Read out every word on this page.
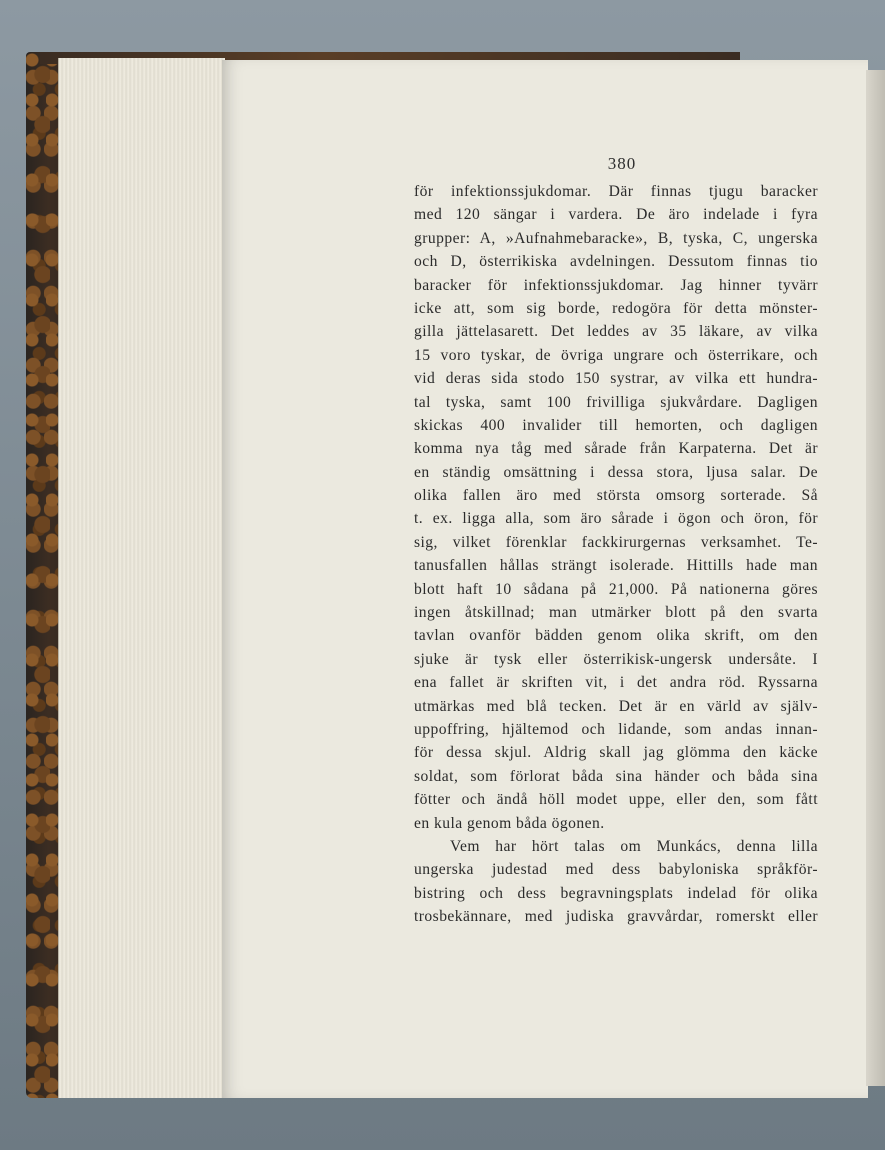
380
för infektionssjukdomar. Där finnas tjugu baracker
med 120 sängar i vardera. De äro indelade i fyra
grupper: A, »Aufnahmebaracke», B, tyska, C, ungerska
och D, österrikiska avdelningen. Dessutom finnas tio
baracker för infektionssjukdomar. Jag hinner tyvärr
icke att, som sig borde, redogöra för detta mönster-
gilla jättelasarett. Det leddes av 35 läkare, av vilka
15 voro tyskar, de övriga ungrare och österrikare, och
vid deras sida stodo 150 systrar, av vilka ett hundra-
tal tyska, samt 100 frivilliga sjukvårdare. Dagligen
skickas 400 invalider till hemorten, och dagligen
komma nya tåg med sårade från Karpaterna. Det är
en ständig omsättning i dessa stora, ljusa salar. De
olika fallen äro med största omsorg sorterade. Så
t. ex. ligga alla, som äro sårade i ögon och öron, för
sig, vilket förenklar fackkirurgernas verksamhet. Te-
tanusfallen hållas strängt isolerade. Hittills hade man
blott haft 10 sådana på 21,000. På nationerna göres
ingen åtskillnad; man utmärker blott på den svarta
tavlan ovanför bädden genom olika skrift, om den
sjuke är tysk eller österrikisk-ungersk undersåte. I
ena fallet är skriften vit, i det andra röd. Ryssarna
utmärkas med blå tecken. Det är en värld av själv-
uppoffring, hjältemod och lidande, som andas innan-
för dessa skjul. Aldrig skall jag glömma den käcke
soldat, som förlorat båda sina händer och båda sina
fötter och ändå höll modet uppe, eller den, som fått
en kula genom båda ögonen.
Vem har hört talas om Munkács, denna lilla
ungerska judestad med dess babyloniska språkför-
bistring och dess begravningsplats indelad för olika
trosbekännare, med judiska gravvårdar, romerskt eller
